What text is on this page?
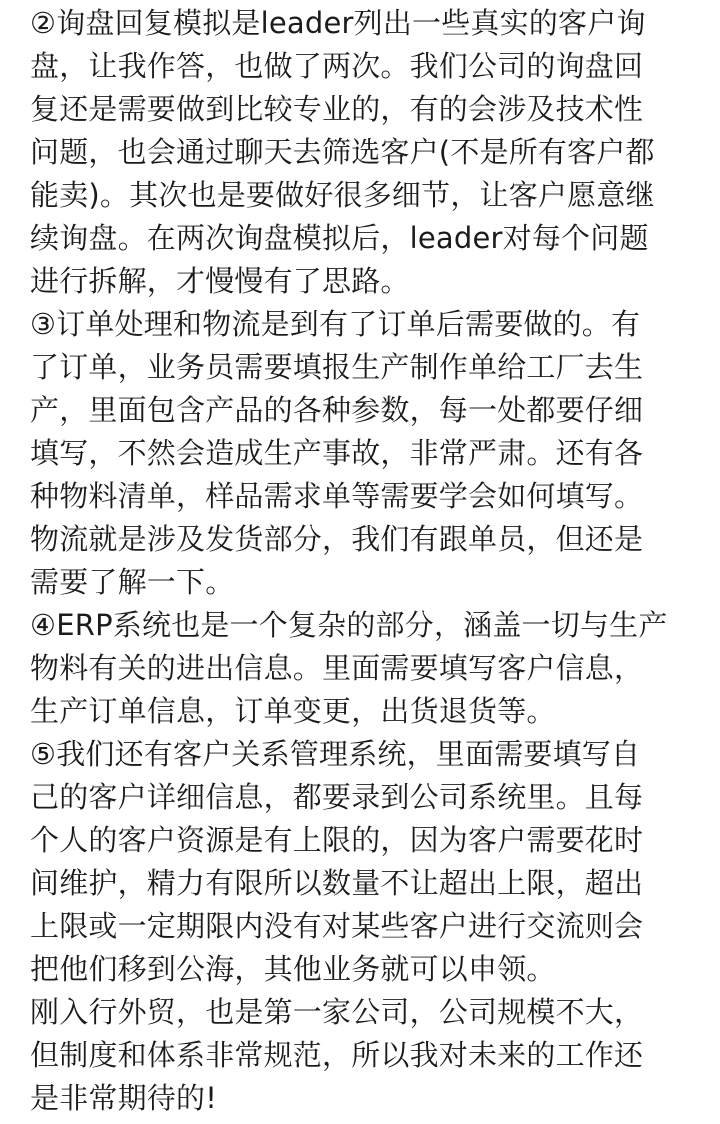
②询盘回复模拟是leader列出一些真实的客户询
盘，让我作答，也做了两次。我们公司的询盘回
复还是需要做到比较专业的，有的会涉及技术性
问题，也会通过聊天去筛选客户(不是所有客户都
能卖)。其次也是要做好很多细节，让客户愿意继
续询盘。在两次询盘模拟后，leader对每个问题
进行拆解，才慢慢有了思路。
③订单处理和物流是到有了订单后需要做的。有
了订单，业务员需要填报生产制作单给工厂去生
产，里面包含产品的各种参数，每一处都要仔细
填写，不然会造成生产事故，非常严肃。还有各
种物料清单，样品需求单等需要学会如何填写。
物流就是涉及发货部分，我们有跟单员，但还是
需要了解一下。
④ERP系统也是一个复杂的部分，涵盖一切与生产
物料有关的进出信息。里面需要填写客户信息，
生产订单信息，订单变更，出货退货等。
⑤我们还有客户关系管理系统，里面需要填写自
己的客户详细信息，都要录到公司系统里。且每
个人的客户资源是有上限的，因为客户需要花时
间维护，精力有限所以数量不让超出上限，超出
上限或一定期限内没有对某些客户进行交流则会
把他们移到公海，其他业务就可以申领。
刚入行外贸，也是第一家公司，公司规模不大，
但制度和体系非常规范，所以我对未来的工作还
是非常期待的!
